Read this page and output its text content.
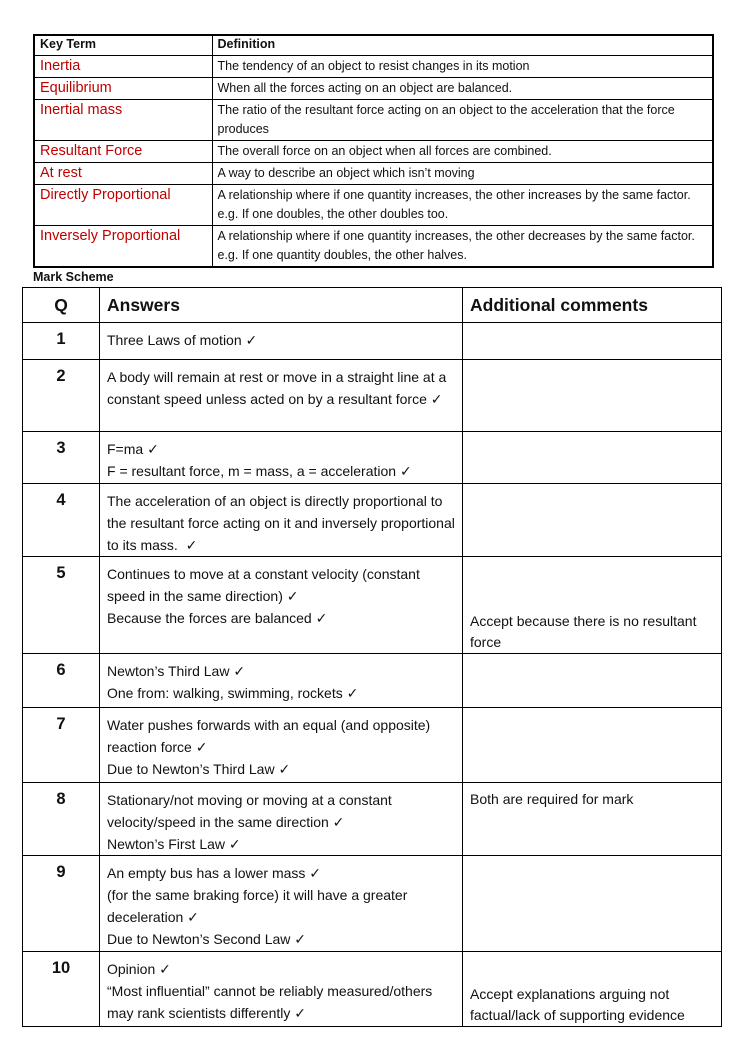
Key Term	Definition
Inertia	The tendency of an object to resist changes in its motion
Equilibrium	When all the forces acting on an object are balanced.
Inertial mass	The ratio of the resultant force acting on an object to the acceleration that the force produces
Resultant Force	The overall force on an object when all forces are combined.
At rest	A way to describe an object which isn’t moving
Directly Proportional	A relationship where if one quantity increases, the other increases by the same factor. e.g. If one doubles, the other doubles too.
Inversely Proportional	A relationship where if one quantity increases, the other decreases by the same factor. e.g. If one quantity doubles, the other halves.
Mark Scheme
Q	Answers	Additional comments
1	Three Laws of motion ✓	

2	A body will remain at rest or move in a straight line at a constant speed unless acted on by a resultant force ✓	

3	F=ma ✓
F = resultant force, m = mass, a = acceleration ✓	

4	The acceleration of an object is directly proportional to the resultant force acting on it and inversely proportional to its mass.  ✓	

5	Continues to move at a constant velocity (constant speed in the same direction) ✓
Because the forces are balanced ✓	Accept because there is no resultant force
6	Newton’s Third Law ✓
One from: walking, swimming, rockets ✓	

7	Water pushes forwards with an equal (and opposite) reaction force ✓
Due to Newton’s Third Law ✓	

8	Stationary/not moving or moving at a constant velocity/speed in the same direction ✓
Newton’s First Law ✓	Both are required for mark
9	An empty bus has a lower mass ✓
(for the same braking force) it will have a greater deceleration ✓
Due to Newton’s Second Law ✓	

10	Opinion ✓
“Most influential” cannot be reliably measured/others may rank scientists differently ✓	Accept explanations arguing not factual/lack of supporting evidence
